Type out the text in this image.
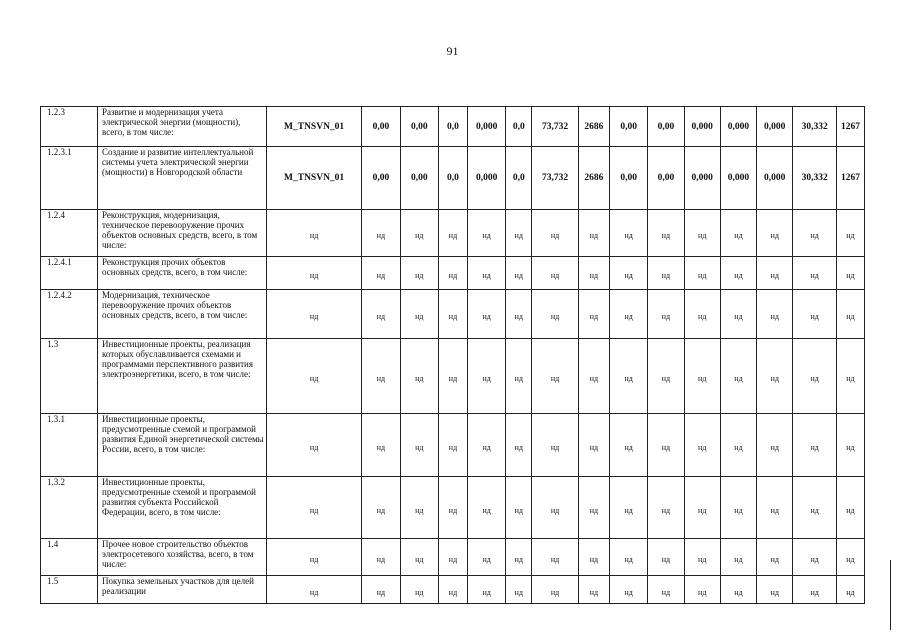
91
1.2.3	Развитие и модернизация учета электрической энергии (мощности), всего, в том числе:	M_TNSVN_01	0,00	0,00	0,0	0,000	0,0	73,732	2686	0,00	0,00	0,000	0,000	0,000	30,332	1267
1.2.3.1	Создание и развитие интеллектуальной системы учета электрической энергии (мощности) в Новгородской области	M_TNSVN_01	0,00	0,00	0,0	0,000	0,0	73,732	2686	0,00	0,00	0,000	0,000	0,000	30,332	1267
1.2.4	Реконструкция, модернизация, техническое перевооружение прочих объектов основных средств, всего, в том числе:	нд	нд	нд	нд	нд	нд	нд	нд	нд	нд	нд	нд	нд	нд	нд
1.2.4.1	Реконструкция прочих объектов основных средств, всего, в том числе:	нд	нд	нд	нд	нд	нд	нд	нд	нд	нд	нд	нд	нд	нд	нд
1.2.4.2	Модернизация, техническое перевооружение прочих объектов основных средств, всего, в том числе:	нд	нд	нд	нд	нд	нд	нд	нд	нд	нд	нд	нд	нд	нд	нд
1.3	Инвестиционные проекты, реализация которых обуславливается схемами и программами перспективного развития электроэнергетики, всего, в том числе:	нд	нд	нд	нд	нд	нд	нд	нд	нд	нд	нд	нд	нд	нд	нд
1.3.1	Инвестиционные проекты, предусмотренные схемой и программой развития Единой энергетической системы России, всего, в том числе:	нд	нд	нд	нд	нд	нд	нд	нд	нд	нд	нд	нд	нд	нд	нд
1.3.2	Инвестиционные проекты, предусмотренные схемой и программой развития субъекта Российской Федерации, всего, в том числе:	нд	нд	нд	нд	нд	нд	нд	нд	нд	нд	нд	нд	нд	нд	нд
1.4	Прочее новое строительство объектов электросетевого хозяйства, всего, в том числе:	нд	нд	нд	нд	нд	нд	нд	нд	нд	нд	нд	нд	нд	нд	нд
1.5	Покупка земельных участков для целей реализации	нд	нд	нд	нд	нд	нд	нд	нд	нд	нд	нд	нд	нд	нд	нд
